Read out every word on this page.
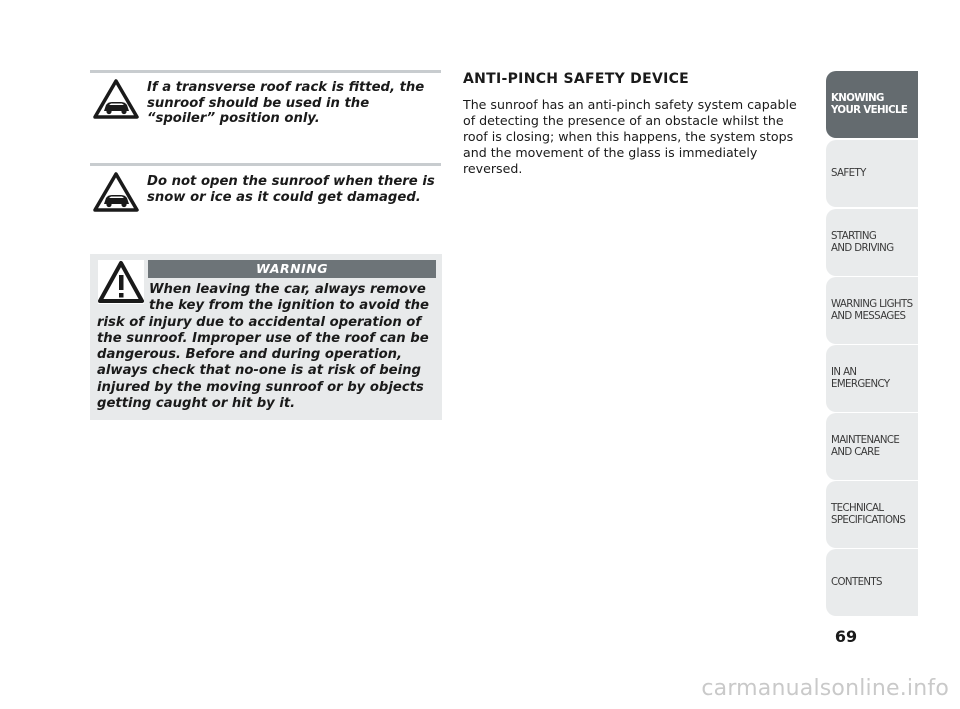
If a transverse roof rack is fitted, the sunroof should be used in the “spoiler” position only.
Do not open the sunroof when there is snow or ice as it could get damaged.
WARNING
When leaving the car, always remove the key from the ignition to avoid the risk of injury due to accidental operation of the sunroof. Improper use of the roof can be dangerous. Before and during operation, always check that no-one is at risk of being injured by the moving sunroof or by objects getting caught or hit by it.
ANTI-PINCH SAFETY DEVICE
The sunroof has an anti-pinch safety system capable of detecting the presence of an obstacle whilst the roof is closing; when this happens, the system stops and the movement of the glass is immediately reversed.
KNOWING
YOUR VEHICLE
SAFETY
STARTING
AND DRIVING
WARNING LIGHTS
AND MESSAGES
IN AN
EMERGENCY
MAINTENANCE
AND CARE
TECHNICAL
SPECIFICATIONS
CONTENTS
69
carmanualsonline.info
